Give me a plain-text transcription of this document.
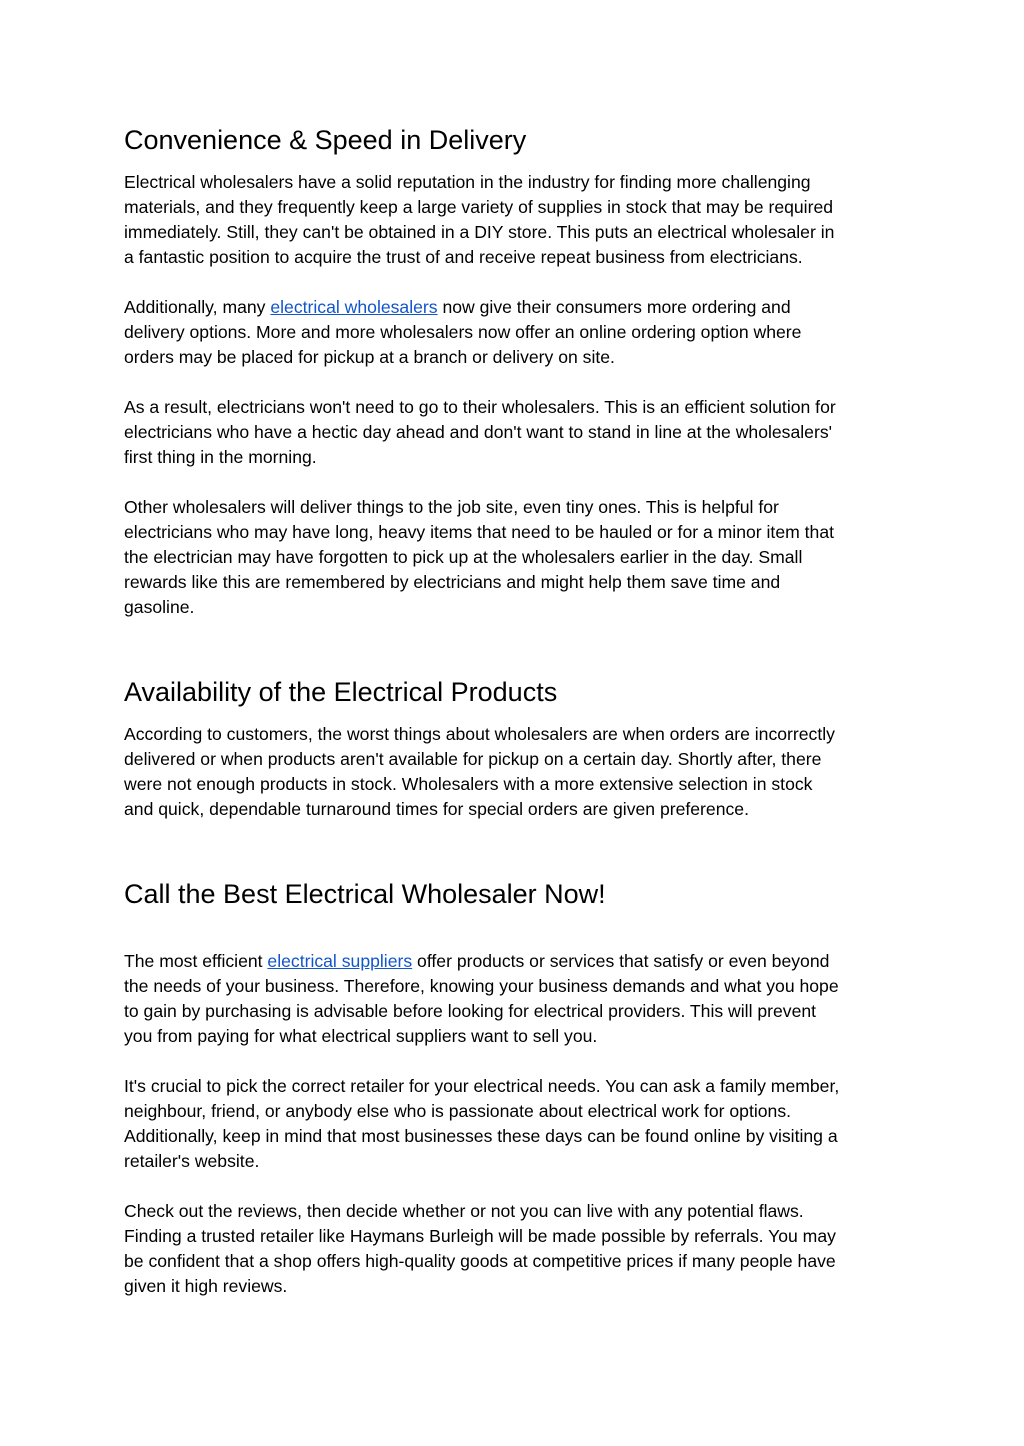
Convenience & Speed in Delivery
Electrical wholesalers have a solid reputation in the industry for finding more challenging
materials, and they frequently keep a large variety of supplies in stock that may be required
immediately. Still, they can't be obtained in a DIY store. This puts an electrical wholesaler in
a fantastic position to acquire the trust of and receive repeat business from electricians.
Additionally, many electrical wholesalers now give their consumers more ordering and
delivery options. More and more wholesalers now offer an online ordering option where
orders may be placed for pickup at a branch or delivery on site.
As a result, electricians won't need to go to their wholesalers. This is an efficient solution for
electricians who have a hectic day ahead and don't want to stand in line at the wholesalers'
first thing in the morning.
Other wholesalers will deliver things to the job site, even tiny ones. This is helpful for
electricians who may have long, heavy items that need to be hauled or for a minor item that
the electrician may have forgotten to pick up at the wholesalers earlier in the day. Small
rewards like this are remembered by electricians and might help them save time and
gasoline.
Availability of the Electrical Products
According to customers, the worst things about wholesalers are when orders are incorrectly
delivered or when products aren't available for pickup on a certain day. Shortly after, there
were not enough products in stock. Wholesalers with a more extensive selection in stock
and quick, dependable turnaround times for special orders are given preference.
Call the Best Electrical Wholesaler Now!
The most efficient electrical suppliers offer products or services that satisfy or even beyond
the needs of your business. Therefore, knowing your business demands and what you hope
to gain by purchasing is advisable before looking for electrical providers. This will prevent
you from paying for what electrical suppliers want to sell you.
It's crucial to pick the correct retailer for your electrical needs. You can ask a family member,
neighbour, friend, or anybody else who is passionate about electrical work for options.
Additionally, keep in mind that most businesses these days can be found online by visiting a
retailer's website.
Check out the reviews, then decide whether or not you can live with any potential flaws.
Finding a trusted retailer like Haymans Burleigh will be made possible by referrals. You may
be confident that a shop offers high-quality goods at competitive prices if many people have
given it high reviews.
